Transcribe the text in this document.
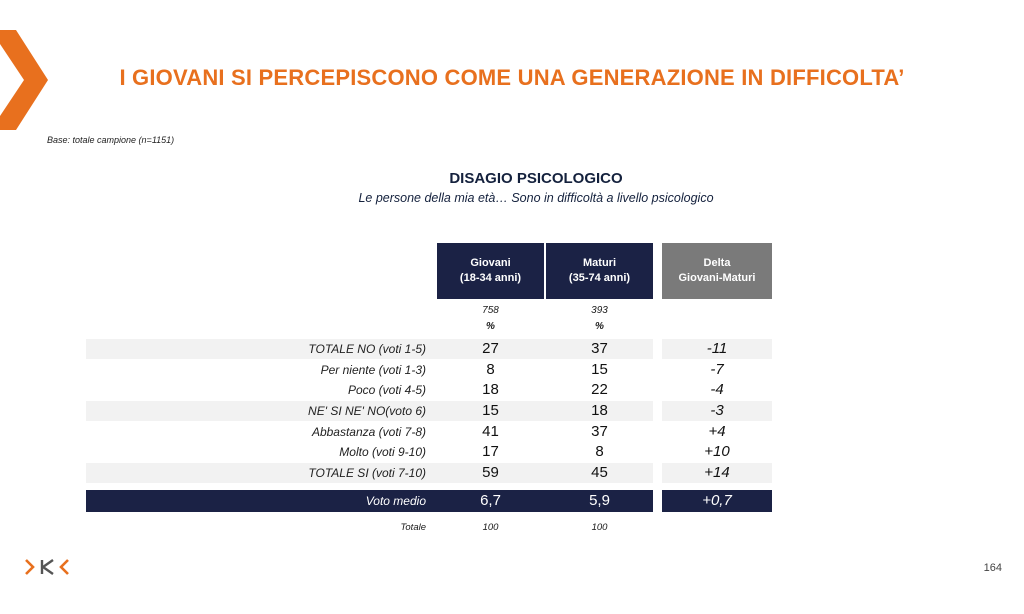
I GIOVANI SI PERCEPISCONO COME UNA GENERAZIONE IN DIFFICOLTA’
Base: totale campione (n=1151)
DISAGIO PSICOLOGICO
Le persone della mia età… Sono in difficoltà a livello psicologico
Giovani
(18-34 anni)
Maturi
(35-74 anni)
Delta
Giovani-Maturi
758
%
393
%
TOTALE NO (voti 1-5)	27	37	-11
Per niente (voti 1-3)	8	15	-7
Poco (voti 4-5)	18	22	-4
NE' SI NE' NO(voto 6)	15	18	-3
Abbastanza (voti 7-8)	41	37	+4
Molto (voti 9-10)	17	8	+10
TOTALE SI (voti 7-10)	59	45	+14
Voto medio	6,7	5,9	+0,7
Totale	100	100
164
